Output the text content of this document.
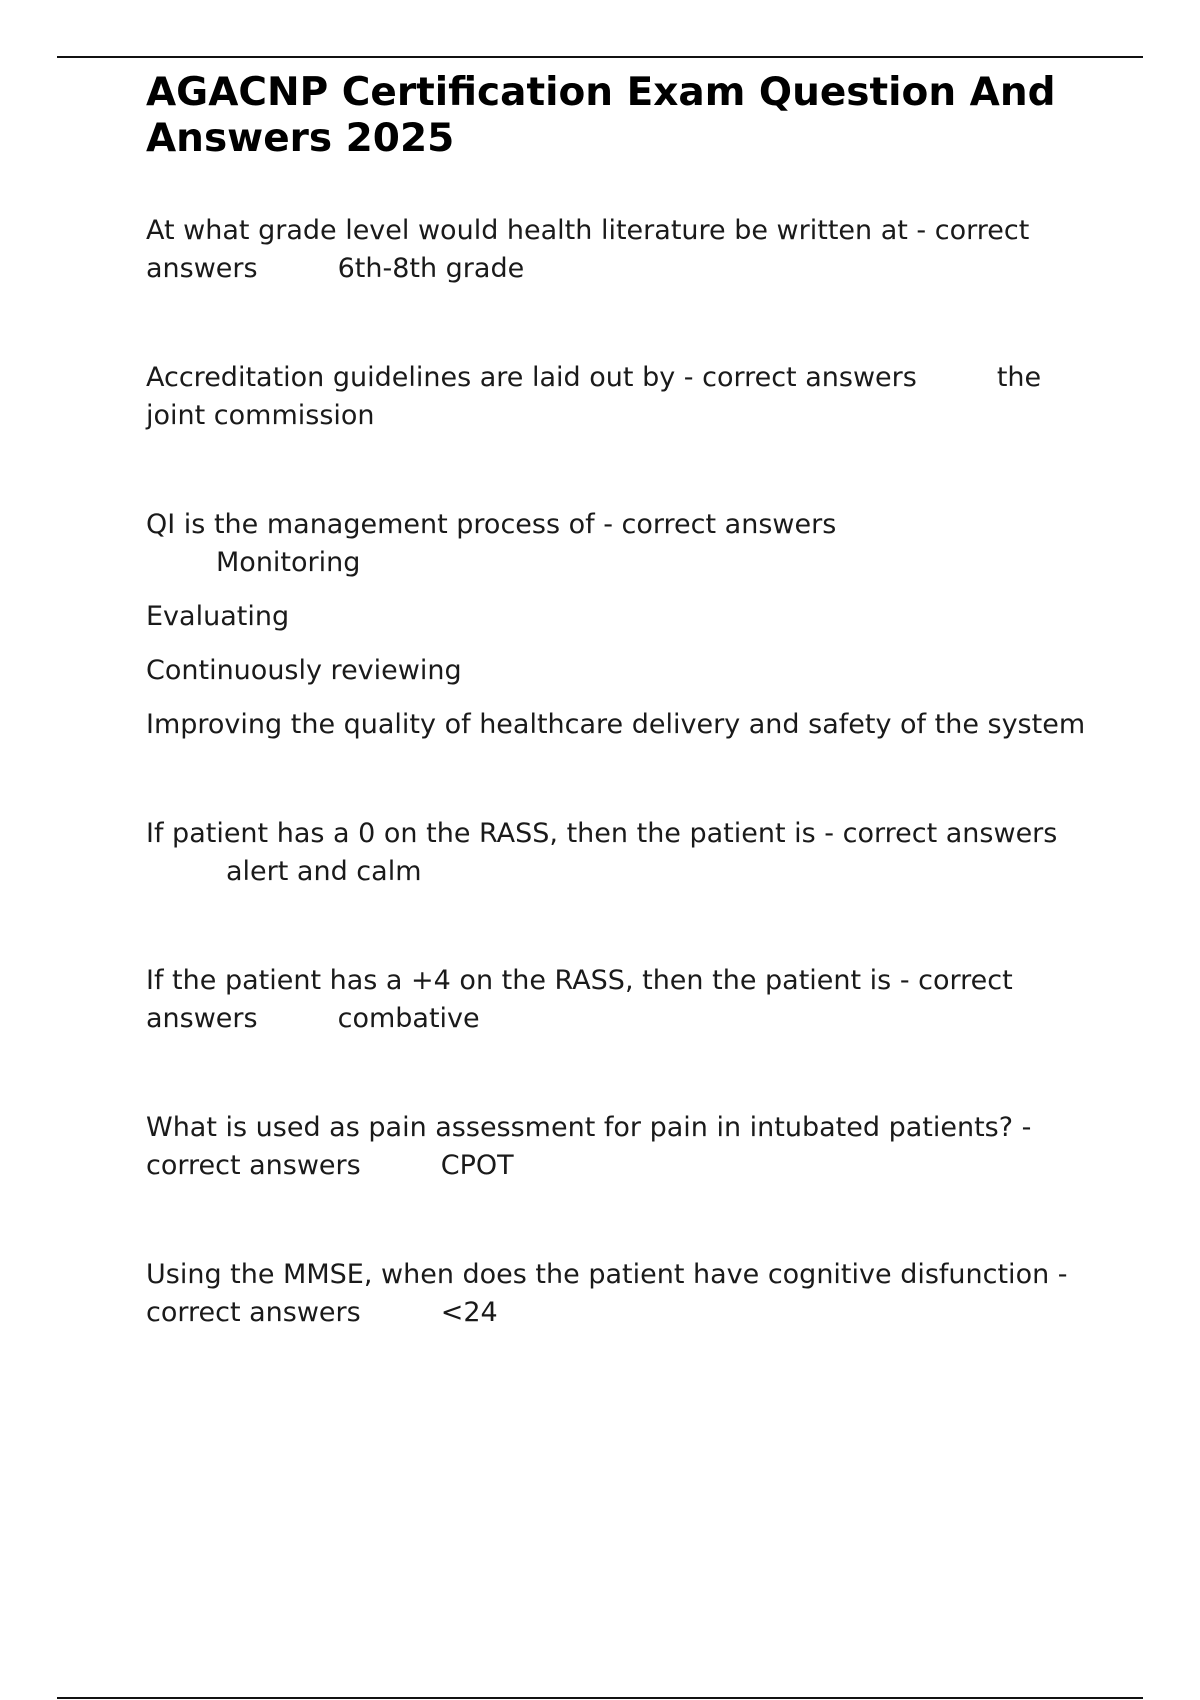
AGACNP Certification Exam Question And Answers 2025

At what grade level would health literature be written at - correct answers	6th-8th grade

Accreditation guidelines are laid out by - correct answers	the joint commission

QI is the management process of - correct answers

Monitoring

Evaluating

Continuously reviewing

Improving the quality of healthcare delivery and safety of the system

If patient has a 0 on the RASS, then the patient is - correct answersalert and calm

If the patient has a +4 on the RASS, then the patient is - correct answers	combative

What is used as pain assessment for pain in intubated patients? - correct answers	CPOT

Using the MMSE, when does the patient have cognitive disfunction - correct answers	<24
